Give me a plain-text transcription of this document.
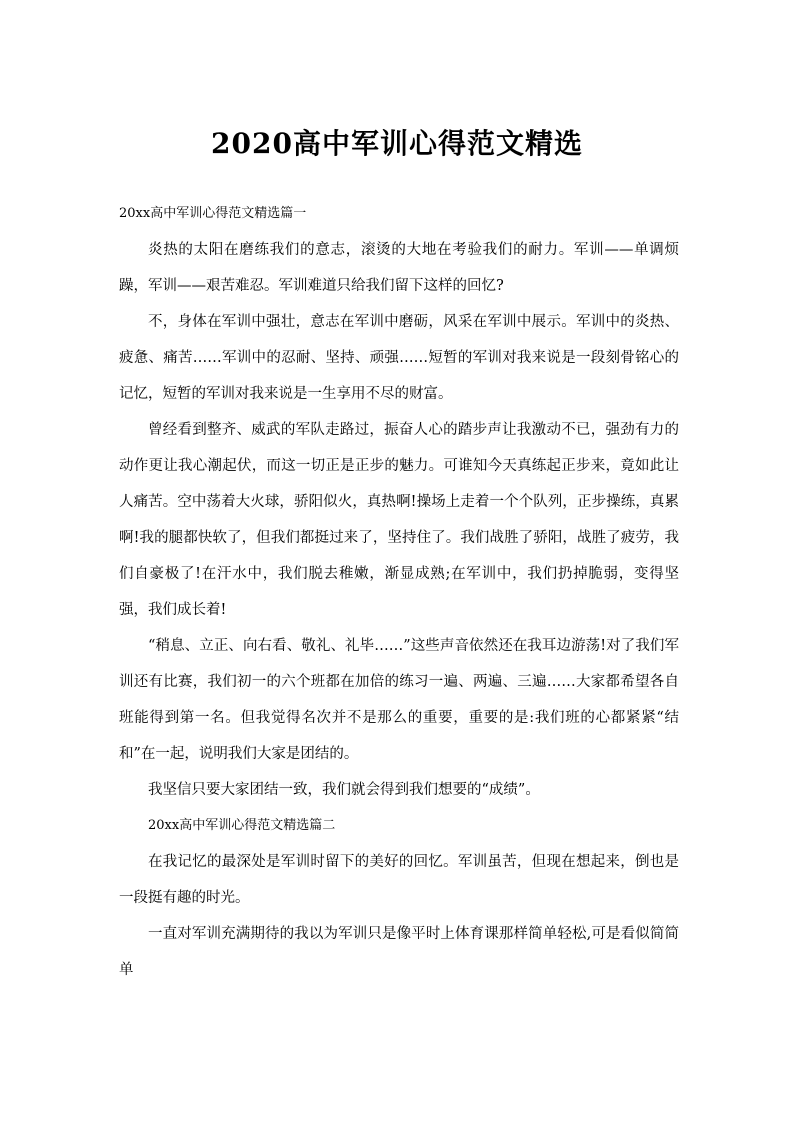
2020高中军训心得范文精选

20xx高中军训心得范文精选篇一

炎热的太阳在磨练我们的意志，滚烫的大地在考验我们的耐力。军训——单调烦躁，军训——艰苦难忍。军训难道只给我们留下这样的回忆?

不，身体在军训中强壮，意志在军训中磨砺，风采在军训中展示。军训中的炎热、疲惫、痛苦……军训中的忍耐、坚持、顽强……短暂的军训对我来说是一段刻骨铭心的记忆，短暂的军训对我来说是一生享用不尽的财富。

曾经看到整齐、威武的军队走路过，振奋人心的踏步声让我激动不已，强劲有力的动作更让我心潮起伏，而这一切正是正步的魅力。可谁知今天真练起正步来，竟如此让人痛苦。空中荡着大火球，骄阳似火，真热啊!操场上走着一个个队列，正步操练，真累啊!我的腿都快软了，但我们都挺过来了，坚持住了。我们战胜了骄阳，战胜了疲劳，我们自豪极了!在汗水中，我们脱去稚嫩，渐显成熟;在军训中，我们扔掉脆弱，变得坚强，我们成长着!

“稍息、立正、向右看、敬礼、礼毕……”这些声音依然还在我耳边游荡!对了我们军训还有比赛，我们初一的六个班都在加倍的练习一遍、两遍、三遍……大家都希望各自班能得到第一名。但我觉得名次并不是那么的重要，重要的是:我们班的心都紧紧“结和”在一起，说明我们大家是团结的。

我坚信只要大家团结一致，我们就会得到我们想要的“成绩”。

20xx高中军训心得范文精选篇二

在我记忆的最深处是军训时留下的美好的回忆。军训虽苦，但现在想起来，倒也是一段挺有趣的时光。

一直对军训充满期待的我以为军训只是像平时上体育课那样简单轻松,可是看似简简单
